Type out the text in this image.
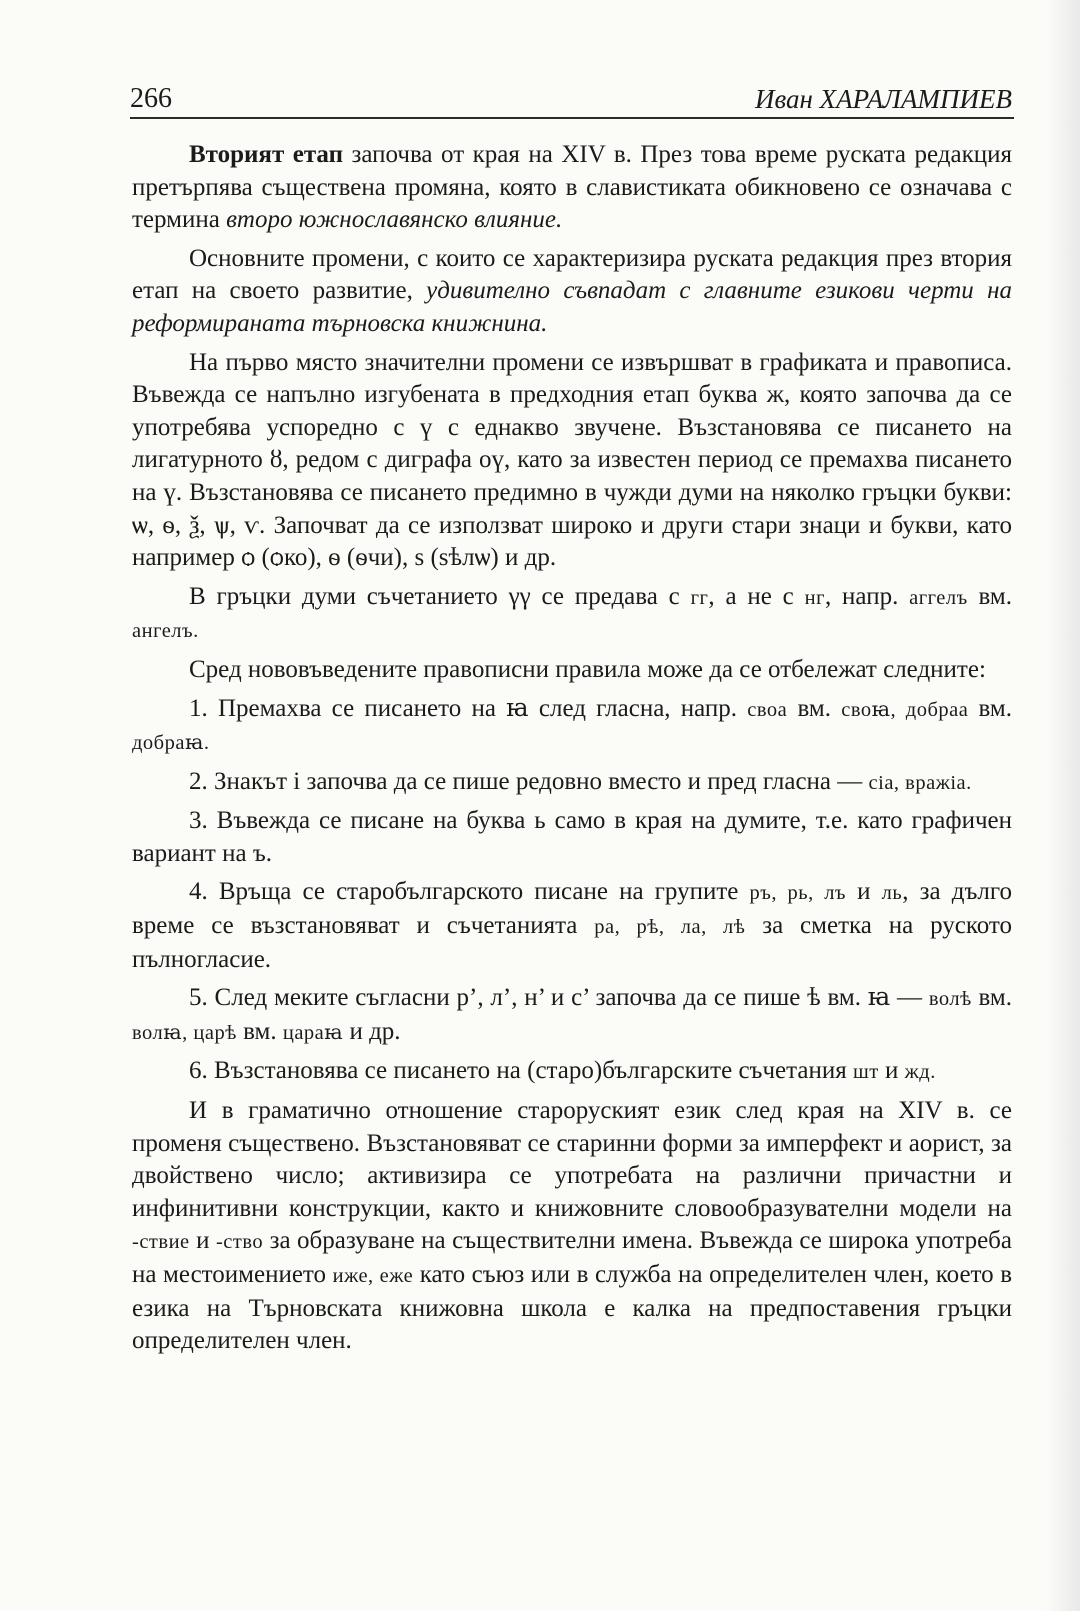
266	Иван ХАРАЛАМПИЕВ

Вторият етап започва от края на XIV в. През това време руската редакция претърпява съществена промяна, която в славистиката обикновено се означава с термина второ южнославянско влияние.

Основните промени, с които се характеризира руската редакция през втория етап на своето развитие, удивително съвпадат с главните езикови черти на реформираната търновска книжнина.

На първо място значителни промени се извършват в графиката и правописа. Въвежда се напълно изгубената в предходния етап буква ж, която започва да се употребява успоредно с ү с еднакво звучене. Възстановява се писането на лигатурното ȣ, редом с диграфа оү, като за известен период се премахва писането на ү. Възстановява се писането предимно в чужди думи на няколко гръцки букви: ѡ, ѳ, ѯ, ѱ, ѵ. Започват да се използват широко и други стари знаци и букви, като например ѻ (ѻко), ѳ (ѳчи), ѕ (ѕѣлѡ) и др.

В гръцки думи съчетанието γγ се предава с гг, а не с нг, напр. аггелъ вм. ангелъ.

Сред нововъведените правописни правила може да се отбележат следните:

1. Премахва се писането на ꙗ след гласна, напр. своа вм. своꙗ, добраа вм. добраꙗ.

2. Знакът і започва да се пише редовно вместо и пред гласна — сіа, вражіа.

3. Въвежда се писане на буква ь само в края на думите, т.е. като графичен вариант на ъ.

4. Връща се старобългарското писане на групите ръ, рь, лъ и ль, за дълго време се възстановяват и съчетанията ра, рѣ, ла, лѣ за сметка на руското пълногласие.

5. След меките съгласни р’, л’, н’ и с’ започва да се пише ѣ вм. ꙗ — волѣ вм. волꙗ, царѣ вм. цараꙗ и др.

6. Възстановява се писането на (старо)българските съчетания шт и жд.

И в граматично отношение староруският език след края на XIV в. се променя съществено. Възстановяват се старинни форми за имперфект и аорист, за двойствено число; активизира се употребата на различни причастни и инфинитивни конструкции, както и книжовните словообразувателни модели на -ствие и -ство за образуване на съществителни имена. Въвежда се широка употреба на местоимението иже, еже като съюз или в служба на определителен член, което в езика на Търновската книжовна школа е калка на предпоставения гръцки определителен член.
